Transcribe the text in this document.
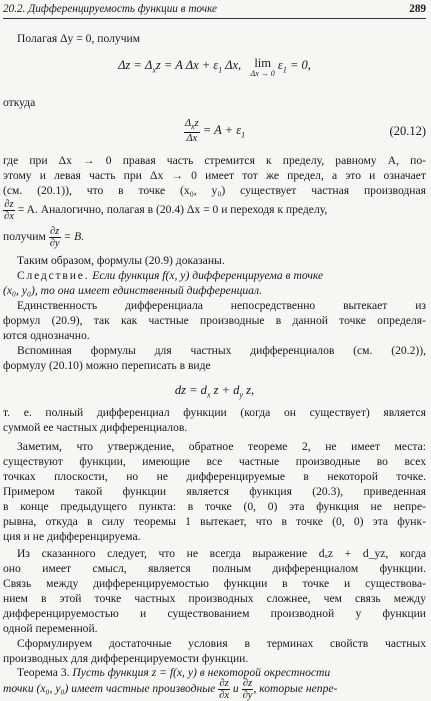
20.2. Дифференцируемость функции в точке	289
Полагая Δy = 0, получим
$\Delta z = \Delta_xz = A$ $\Delta x + \varepsilon_1$ Δx, lim
Δx → 0
$\varepsilon_1 = 0$,
откуда
$\frac{\Delta_xz}{\Delta x} = A + \varepsilon_1$	(20.12)
где при Δx → 0 правая часть стремится к пределу, равному A, по-
этому и левая часть при Δx → 0 имеет тот же предел, а это и означает
(см. (20.1)), что в точке (x₀, y₀) существует частная производная
$\frac{\partial z}{\partial x} = A$. Аналогично, полагая в (20.4) Δx = 0 и переходя к пределу,
получим $\frac{\partial z}{\partial y} = B$.
Таким образом, формулы (20.9) доказаны.
Следствие. Если функция f(x, y) дифференцируема в точке
(x₀, y₀), то она имеет единственный дифференциал.
Единственность дифференциала непосредственно вытекает из
формул (20.9), так как частные производные в данной точке определя-
ются однозначно.
Вспоминая формулы для частных дифференциалов (см. (20.2)),
формулу (20.10) можно переписать в виде
dz = $d_x$ $z + d_y$ z,
т. е. полный дифференциал функции (когда он существует) является
суммой ее частных дифференциалов.
Заметим, что утверждение, обратное теореме 2, не имеет места:
существуют функции, имеющие все частные производные во всех
точках плоскости, но не дифференцируемые в некоторой точке.
Примером такой функции является функция (20.3), приведенная
в конце предыдущего пункта: в точке (0, 0) эта функция не непре-
рывна, откуда в силу теоремы 1 вытекает, что в точке (0, 0) эта функ-
ция и не дифференцируема.
Из сказанного следует, что не всегда выражение dₓz + d_yz, когда
оно имеет смысл, является полным дифференциалом функции.
Связь между дифференцируемостью функции в точке и существова-
нием в этой точке частных производных сложнее, чем связь между
дифференцируемостью и существованием производной у функции
одной переменной.
Сформулируем достаточные условия в терминах свойств частных
производных для дифференцируемости функции.
Теорема 3. Пусть функция z = f(x, y) в некоторой окрестности
точки (x₀, y₀) имеет частные производные $\frac{\partial z}{\partial x}$ и $\frac{\partial z}{\partial y}$ , которые непре-
